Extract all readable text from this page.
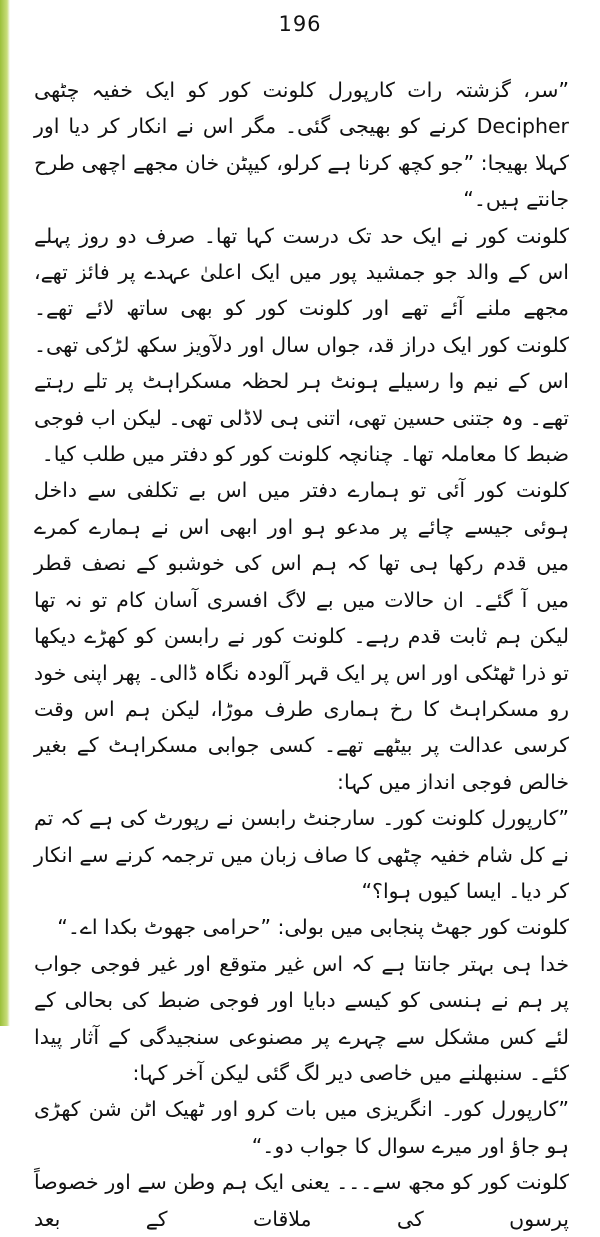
196

”سر، گزشتہ رات کارپورل کلونت کور کو ایک خفیہ چٹھی Decipher کرنے کو بھیجی گئی۔ مگر اس نے انکار کر دیا اور کہلا بھیجا: ”جو کچھ کرنا ہے کرلو، کیپٹن خان مجھے اچھی طرح جانتے ہیں۔“

کلونت کور نے ایک حد تک درست کہا تھا۔ صرف دو روز پہلے اس کے والد جو جمشید پور میں ایک اعلیٰ عہدے پر فائز تھے، مجھے ملنے آئے تھے اور کلونت کور کو بھی ساتھ لائے تھے۔ کلونت کور ایک دراز قد، جواں سال اور دلآویز سکھ لڑکی تھی۔ اس کے نیم وا رسیلے ہونٹ ہر لحظہ مسکراہٹ پر تلے رہتے تھے۔ وہ جتنی حسین تھی، اتنی ہی لاڈلی تھی۔ لیکن اب فوجی ضبط کا معاملہ تھا۔ چنانچہ کلونت کور کو دفتر میں طلب کیا۔

کلونت کور آئی تو ہمارے دفتر میں اس بے تکلفی سے داخل ہوئی جیسے چائے پر مدعو ہو اور ابھی اس نے ہمارے کمرے میں قدم رکھا ہی تھا کہ ہم اس کی خوشبو کے نصف قطر میں آ گئے۔ ان حالات میں بے لاگ افسری آسان کام تو نہ تھا لیکن ہم ثابت قدم رہے۔ کلونت کور نے رابسن کو کھڑے دیکھا تو ذرا ٹھٹکی اور اس پر ایک قہر آلودہ نگاہ ڈالی۔ پھر اپنی خود رو مسکراہٹ کا رخ ہماری طرف موڑا، لیکن ہم اس وقت کرسی عدالت پر بیٹھے تھے۔ کسی جوابی مسکراہٹ کے بغیر خالص فوجی انداز میں کہا:

”کارپورل کلونت کور۔ سارجنٹ رابسن نے رپورٹ کی ہے کہ تم نے کل شام خفیہ چٹھی کا صاف زبان میں ترجمہ کرنے سے انکار کر دیا۔ ایسا کیوں ہوا؟“

کلونت کور جھٹ پنجابی میں بولی: ”حرامی جھوٹ بکدا اے۔“

خدا ہی بہتر جانتا ہے کہ اس غیر متوقع اور غیر فوجی جواب پر ہم نے ہنسی کو کیسے دبایا اور فوجی ضبط کی بحالی کے لئے کس مشکل سے چہرے پر مصنوعی سنجیدگی کے آثار پیدا کئے۔ سنبھلنے میں خاصی دیر لگ گئی لیکن آخر کہا:

”کارپورل کور۔ انگریزی میں بات کرو اور ٹھیک اٹن شن کھڑی ہو جاؤ اور میرے سوال کا جواب دو۔“

کلونت کور کو مجھ سے۔۔۔ یعنی ایک ہم وطن سے اور خصوصاً پرسوں کی ملاقات کے بعد
